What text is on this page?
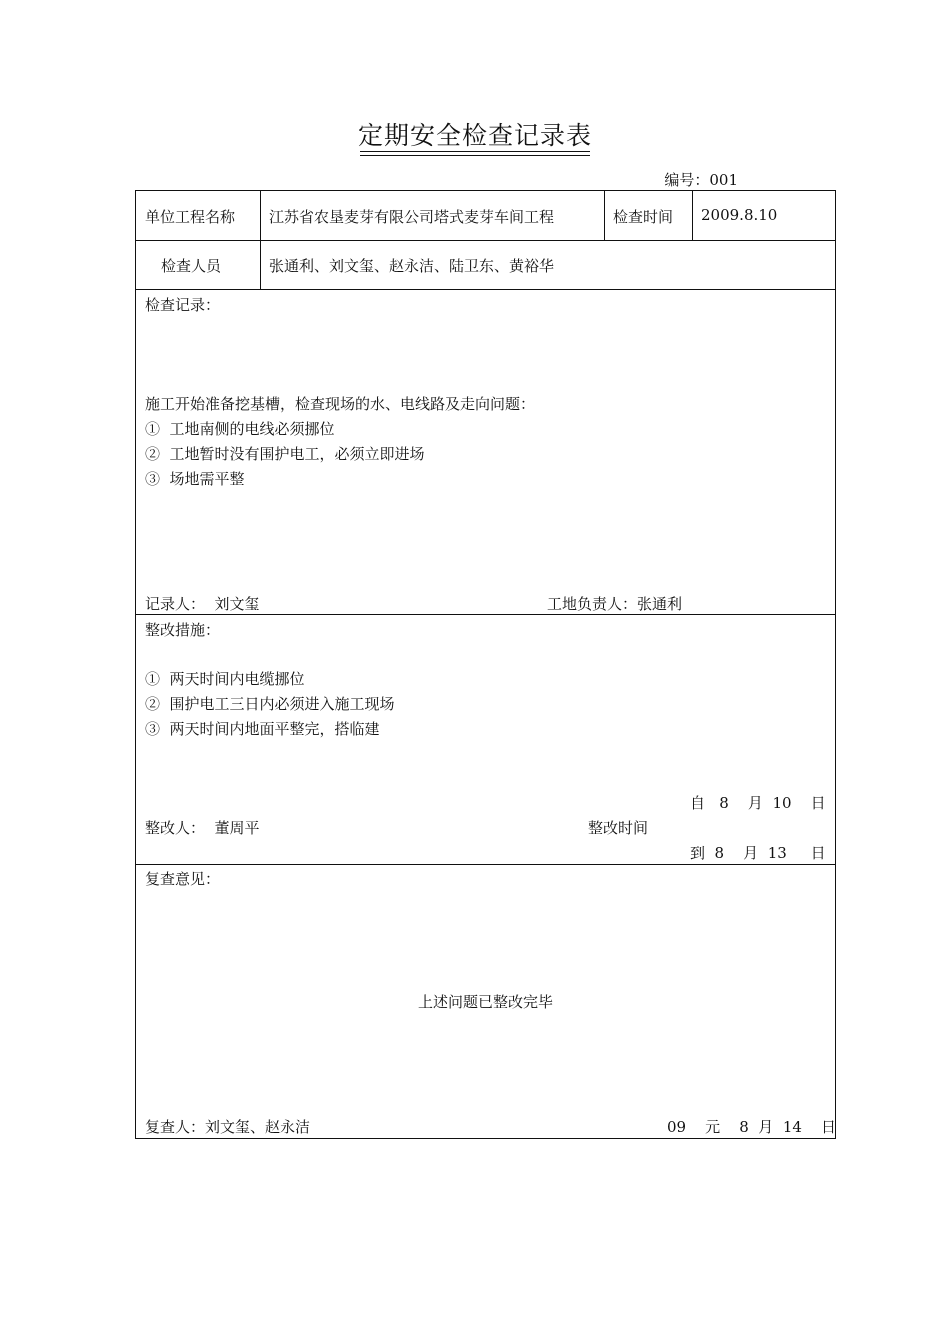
定期安全检查记录表
编号：001
单位工程名称 江苏省农垦麦芽有限公司塔式麦芽车间工程	检查时间 2009.8.10
检查人员	张通利、刘文玺、赵永洁、陆卫东、黄裕华
检查记录：
施工开始准备挖基槽，检查现场的水、电线路及走向问题：
①  工地南侧的电线必须挪位
②  工地暂时没有围护电工，必须立即进场
③  场地需平整
记录人：  刘文玺	工地负责人：张通利
整改措施：
①  两天时间内电缆挪位
②  围护电工三日内必须进入施工现场
③  两天时间内地面平整完，搭临建
自   8    月  10    日
整改人：  董周平	整改时间
到  8    月  13     日
复查意见：
上述问题已整改完毕
复查人：刘文玺、赵永洁	09    元    8  月  14    日
